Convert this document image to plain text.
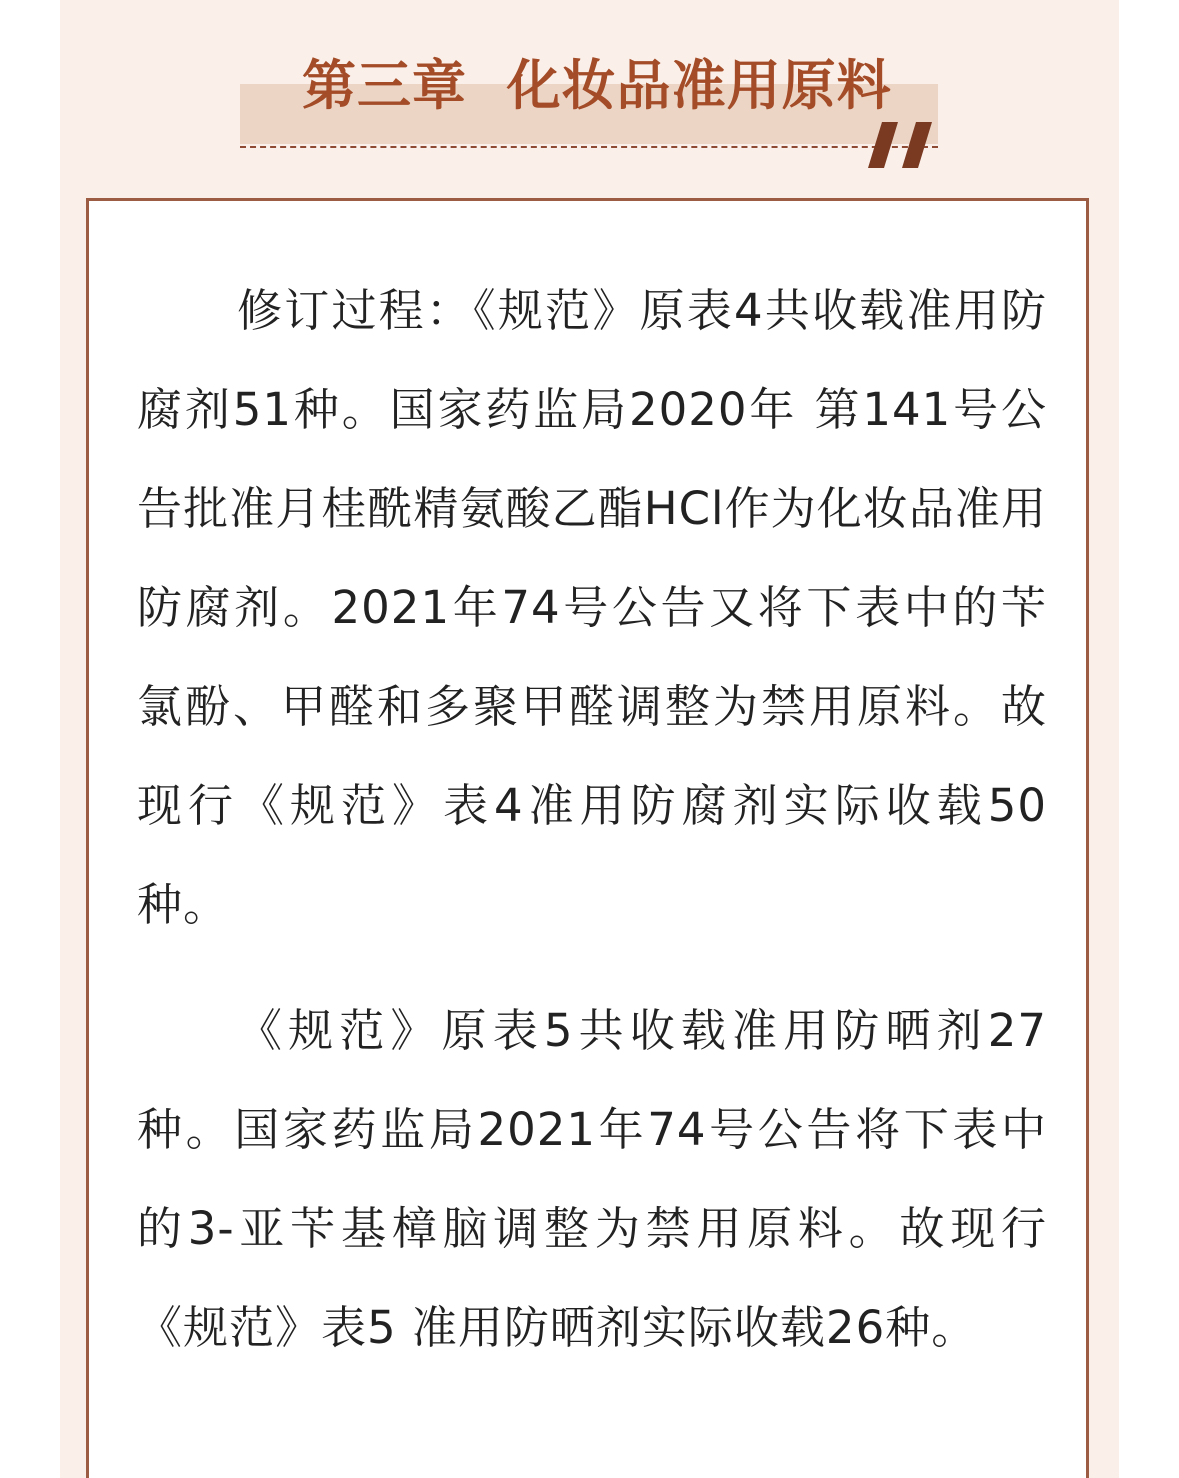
第三章  化妆品准用原料

修订过程：《规范》原表4共收载准用防腐剂51种。国家药监局2020年 第141号公告批准月桂酰精氨酸乙酯HCl作为化妆品准用防腐剂。2021年74号公告又将下表中的苄氯酚、甲醛和多聚甲醛调整为禁用原料。故现行《规范》表4准用防腐剂实际收载50种。

《规范》原表5共收载准用防晒剂27种。国家药监局2021年74号公告将下表中的3-亚苄基樟脑调整为禁用原料。故现行《规范》表5 准用防晒剂实际收载26种。
